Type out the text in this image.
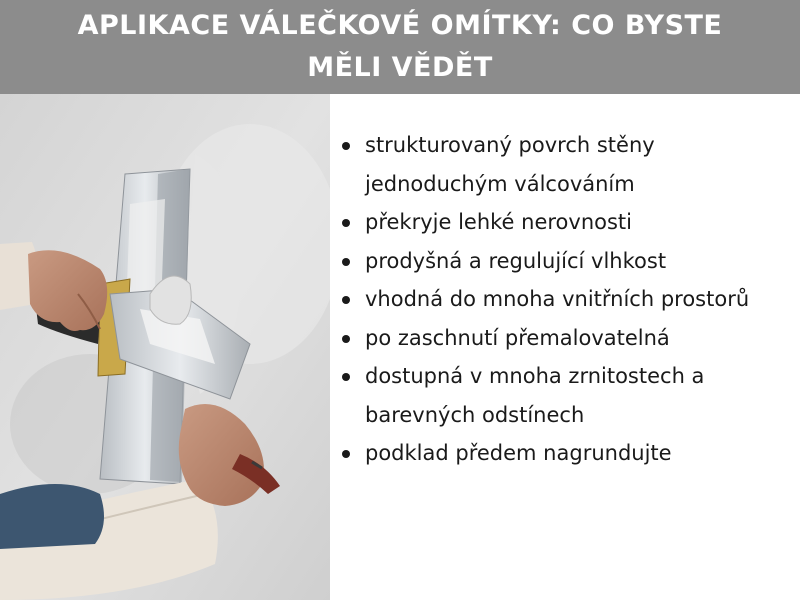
APLIKACE VÁLEČKOVÉ OMÍTKY: CO BYSTE MĚLI VĚDĚT
strukturovaný povrch stěny jednoduchým válcováním
překryje lehké nerovnosti
prodyšná a regulující vlhkost
vhodná do mnoha vnitřních prostorů
po zaschnutí přemalovatelná
dostupná v mnoha zrnitostech a barevných odstínech
podklad předem nagrundujte
